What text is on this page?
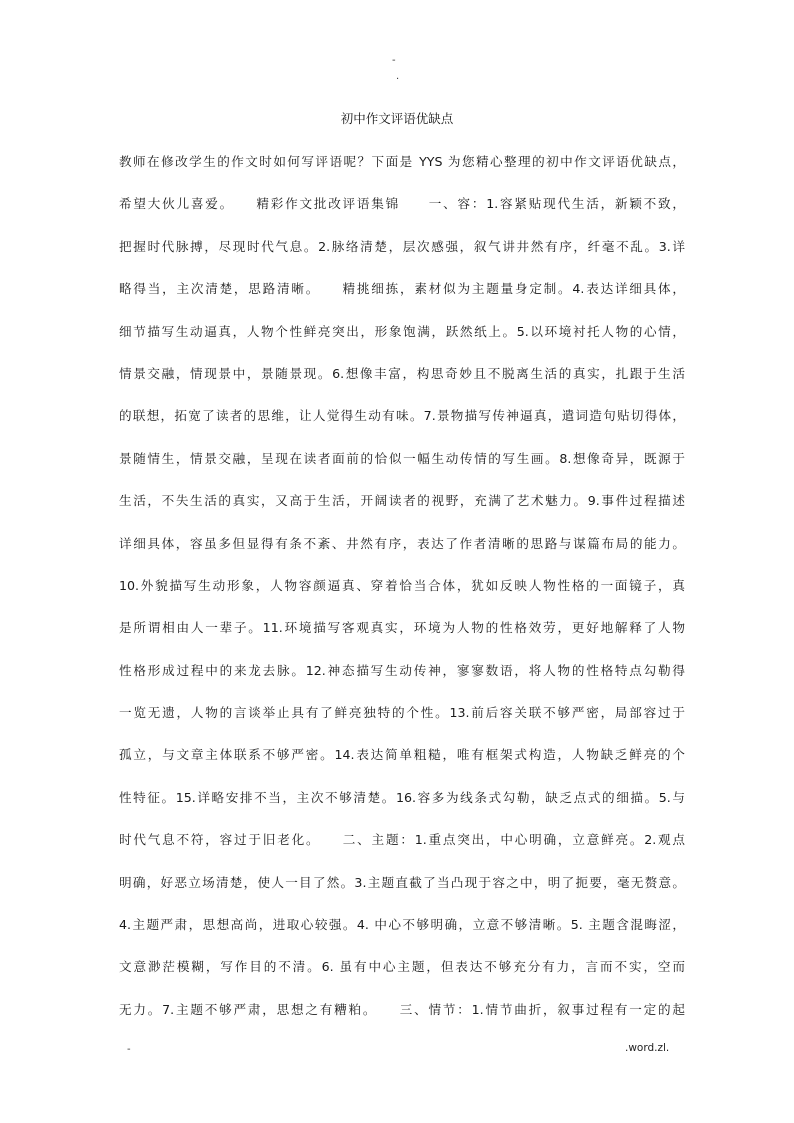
-
.
初中作文评语优缺点
教师在修改学生的作文时如何写评语呢？下面是 YYS 为您精心整理的初中作文评语优缺点，
希望大伙儿喜爱。　　精彩作文批改评语集锦　　一、容：1.容紧贴现代生活，新颖不致，
把握时代脉搏，尽现时代气息。2.脉络清楚，层次感强，叙气讲井然有序，纤毫不乱。3.详
略得当，主次清楚，思路清晰。　　精挑细拣，素材似为主题量身定制。4.表达详细具体，
细节描写生动逼真，人物个性鲜亮突出，形象饱满，跃然纸上。5.以环境衬托人物的心情，
情景交融，情现景中，景随景现。6.想像丰富，构思奇妙且不脱离生活的真实，扎跟于生活
的联想，拓宽了读者的思维，让人觉得生动有味。7.景物描写传神逼真，遣词造句贴切得体，
景随情生，情景交融，呈现在读者面前的恰似一幅生动传情的写生画。8.想像奇异，既源于
生活，不失生活的真实，又高于生活，开阔读者的视野，充满了艺术魅力。9.事件过程描述
详细具体，容虽多但显得有条不紊、井然有序，表达了作者清晰的思路与谋篇布局的能力。
10.外貌描写生动形象，人物容颜逼真、穿着恰当合体，犹如反映人物性格的一面镜子，真
是所谓相由人一辈子。11.环境描写客观真实，环境为人物的性格效劳，更好地解释了人物
性格形成过程中的来龙去脉。12.神态描写生动传神，寥寥数语，将人物的性格特点勾勒得
一览无遗，人物的言谈举止具有了鲜亮独特的个性。13.前后容关联不够严密，局部容过于
孤立，与文章主体联系不够严密。14.表达简单粗糙，唯有框架式构造，人物缺乏鲜亮的个
性特征。15.详略安排不当，主次不够清楚。16.容多为线条式勾勒，缺乏点式的细描。5.与
时代气息不符，容过于旧老化。　　二、主题：1.重点突出，中心明确，立意鲜亮。2.观点
明确，好恶立场清楚，使人一目了然。3.主题直截了当凸现于容之中，明了扼要，毫无赘意。
4.主题严肃，思想高尚，进取心较强。4. 中心不够明确，立意不够清晰。5. 主题含混晦涩，
文意渺茫模糊，写作目的不清。6. 虽有中心主题，但表达不够充分有力，言而不实，空而
无力。7.主题不够严肃，思想之有糟粕。　　三、情节：1.情节曲折，叙事过程有一定的起
-	.word.zl.
